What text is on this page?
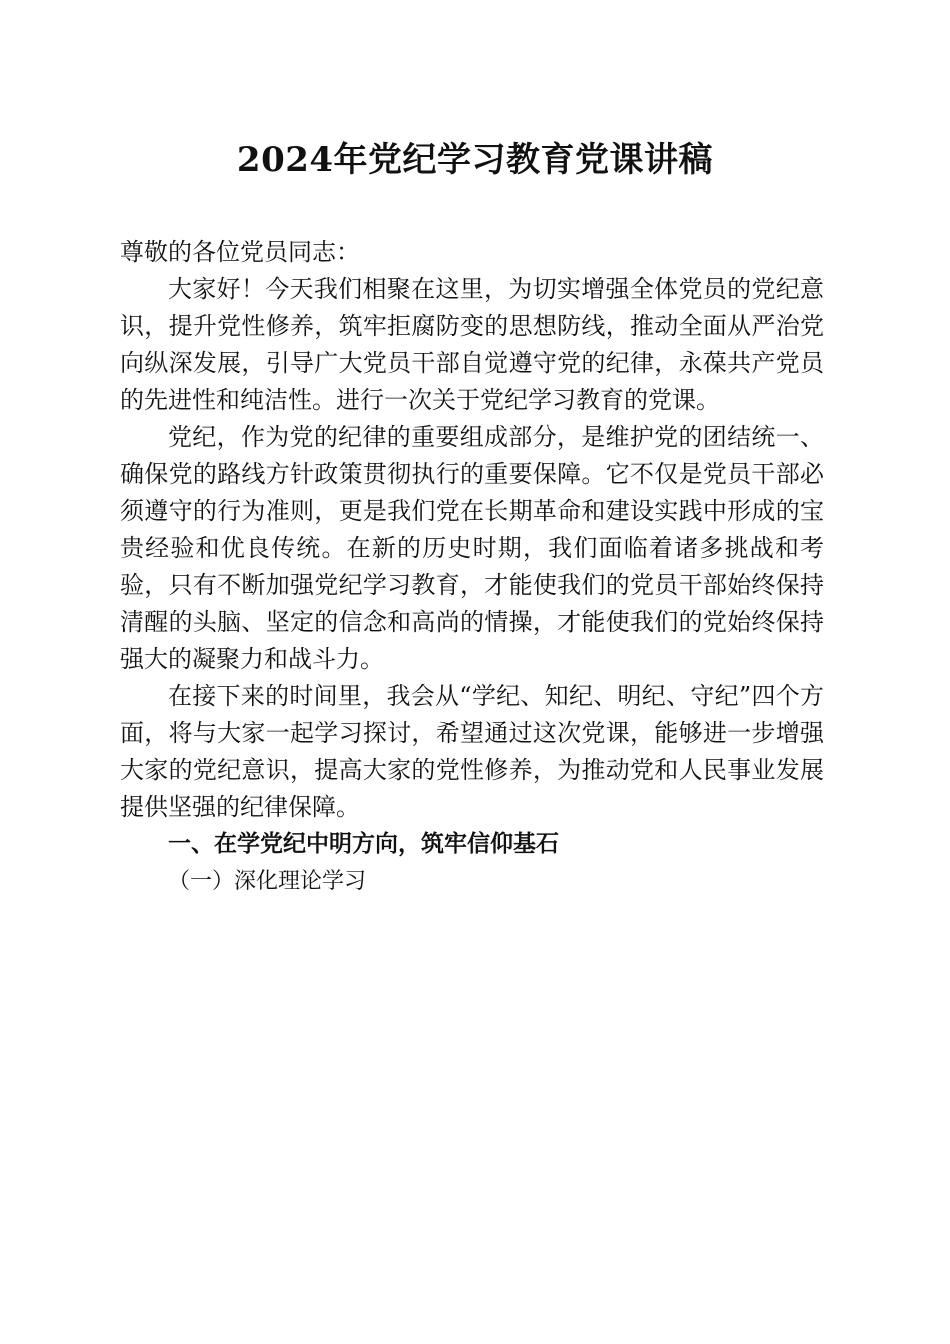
2024年党纪学习教育党课讲稿

尊敬的各位党员同志：

大家好！今天我们相聚在这里，为切实增强全体党员的党纪意识，提升党性修养，筑牢拒腐防变的思想防线，推动全面从严治党向纵深发展，引导广大党员干部自觉遵守党的纪律，永葆共产党员的先进性和纯洁性。进行一次关于党纪学习教育的党课。

党纪，作为党的纪律的重要组成部分，是维护党的团结统一、确保党的路线方针政策贯彻执行的重要保障。它不仅是党员干部必须遵守的行为准则，更是我们党在长期革命和建设实践中形成的宝贵经验和优良传统。在新的历史时期，我们面临着诸多挑战和考验，只有不断加强党纪学习教育，才能使我们的党员干部始终保持清醒的头脑、坚定的信念和高尚的情操，才能使我们的党始终保持强大的凝聚力和战斗力。

在接下来的时间里，我会从“学纪、知纪、明纪、守纪”四个方面，将与大家一起学习探讨，希望通过这次党课，能够进一步增强大家的党纪意识，提高大家的党性修养，为推动党和人民事业发展提供坚强的纪律保障。

一、在学党纪中明方向，筑牢信仰基石

（一）深化理论学习
